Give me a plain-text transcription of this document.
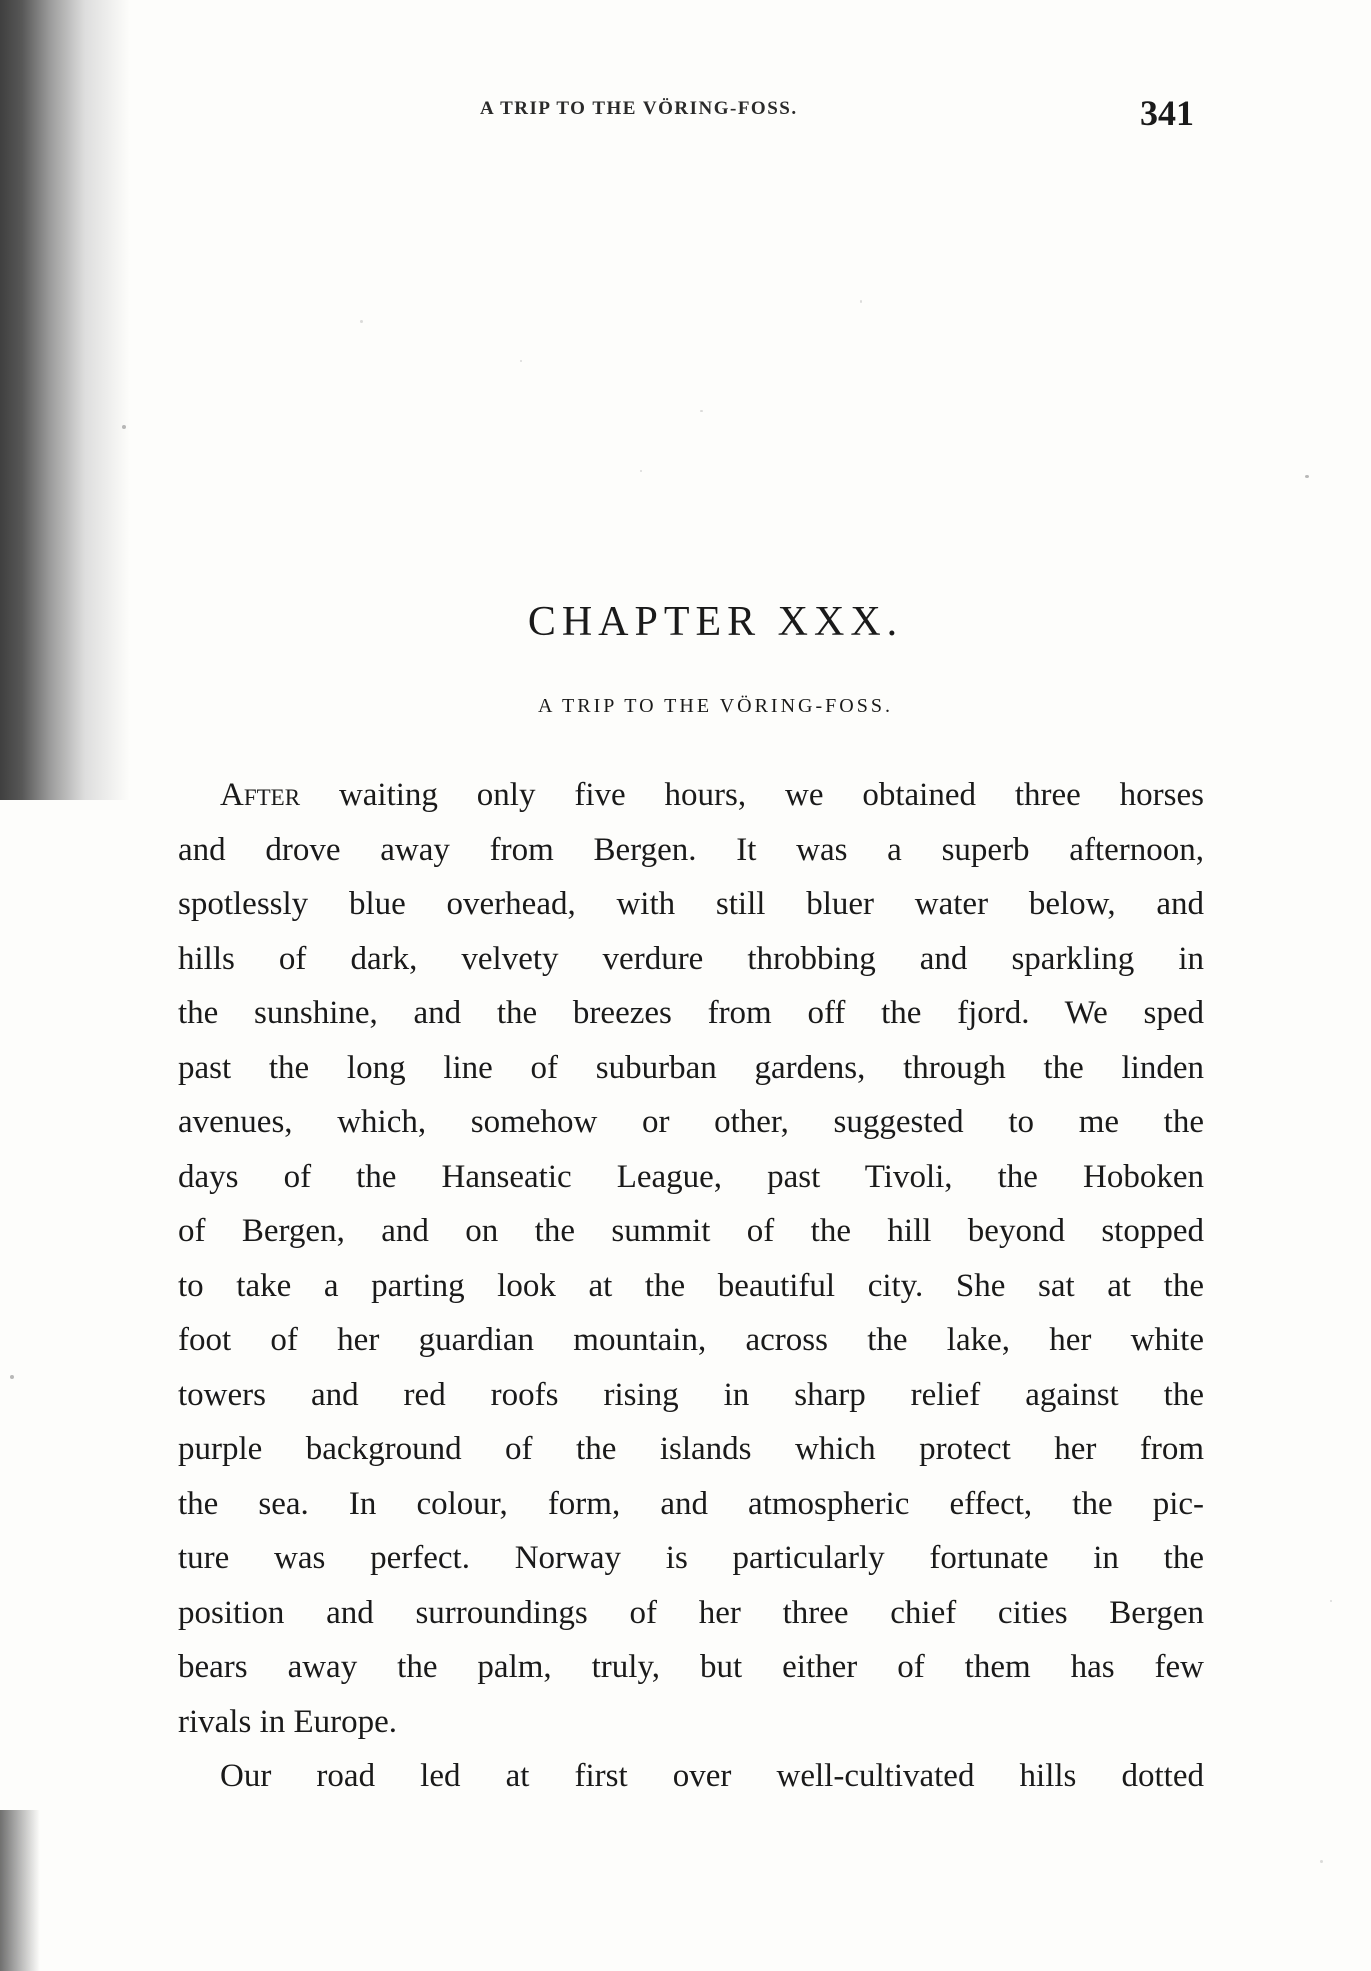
A TRIP TO THE VÖRING-FOSS.	341
CHAPTER XXX.
A TRIP TO THE VÖRING-FOSS.
After waiting only five hours, we obtained three horses
and drove away from Bergen. It was a superb afternoon,
spotlessly blue overhead, with still bluer water below, and
hills of dark, velvety verdure throbbing and sparkling in
the sunshine, and the breezes from off the fjord. We sped
past the long line of suburban gardens, through the linden
avenues, which, somehow or other, suggested to me the
days of the Hanseatic League, past Tivoli, the Hoboken
of Bergen, and on the summit of the hill beyond stopped
to take a parting look at the beautiful city. She sat at the
foot of her guardian mountain, across the lake, her white
towers and red roofs rising in sharp relief against the
purple background of the islands which protect her from
the sea. In colour, form, and atmospheric effect, the pic-
ture was perfect. Norway is particularly fortunate in the
position and surroundings of her three chief cities Bergen
bears away the palm, truly, but either of them has few
rivals in Europe.
Our road led at first over well-cultivated hills dotted
